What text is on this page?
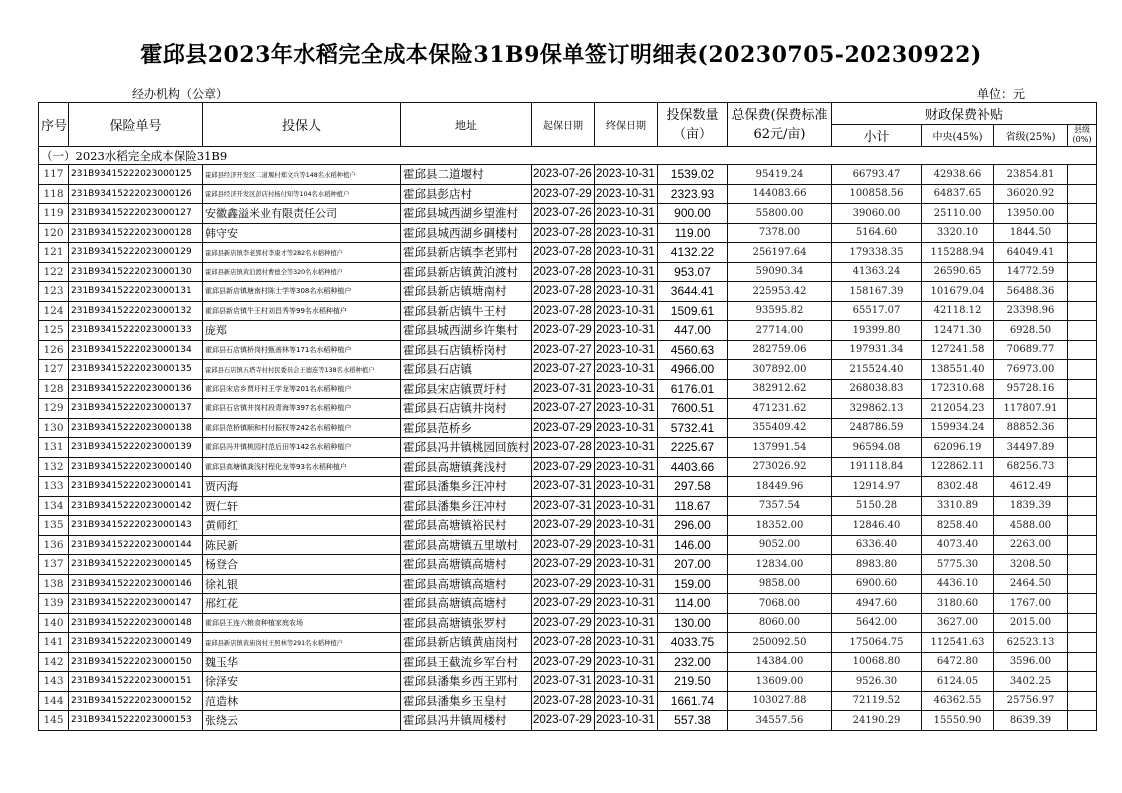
霍邱县2023年水稻完全成本保险31B9保单签订明细表(20230705-20230922)
经办机构（公章）	单位：元
序号	保险单号	投保人	地址	起保日期	终保日期	投保数量（亩）	总保费(保费标准62元/亩)	财政保费补贴			
								小计	中央(45%)	省级(25%)	县级(0%)
（一）2023水稻完全成本保险31B9											
117	231B93415222023000125	霍邱县经济开发区二道堰村郑文兵等148名水稻种植户	霍邱县二道堰村	2023-07-26	2023-10-31	1539.02	95419.24	66793.47	42938.66	23854.81	
118	231B93415222023000126	霍邱县经济开发区彭店村杨付知等104名水稻种植户	霍邱县彭店村	2023-07-29	2023-10-31	2323.93	144083.66	100858.56	64837.65	36020.92	
119	231B93415222023000127	安徽鑫溢米业有限责任公司	霍邱县城西湖乡望淮村	2023-07-26	2023-10-31	900.00	55800.00	39060.00	25110.00	13950.00	
120	231B93415222023000128	韩守安	霍邱县城西湖乡碉楼村	2023-07-28	2023-10-31	119.00	7378.00	5164.60	3320.10	1844.50	
121	231B93415222023000129	霍邱县新店镇李老郢村李康才等282名水稻种植户	霍邱县新店镇李老郢村	2023-07-28	2023-10-31	4132.22	256197.64	179338.35	115288.94	64049.41	
122	231B93415222023000130	霍邱县新店镇黄泊渡村曹德全等320名水稻种植户	霍邱县新店镇黄泊渡村	2023-07-28	2023-10-31	953.07	59090.34	41363.24	26590.65	14772.59	
123	231B93415222023000131	霍邱县新店镇塘南村陈士学等308名水稻种植户	霍邱县新店镇塘南村	2023-07-28	2023-10-31	3644.41	225953.42	158167.39	101679.04	56488.36	
124	231B93415222023000132	霍邱县新店镇牛王村刘昌秀等99名水稻种植户	霍邱县新店镇牛王村	2023-07-28	2023-10-31	1509.61	93595.82	65517.07	42118.12	23398.96	
125	231B93415222023000133	庞郑	霍邱县城西湖乡许集村	2023-07-29	2023-10-31	447.00	27714.00	19399.80	12471.30	6928.50	
126	231B93415222023000134	霍邱县石店镇桥岗村甄善林等171名水稻种植户	霍邱县石店镇桥岗村	2023-07-27	2023-10-31	4560.63	282759.06	197931.34	127241.58	70689.77	
127	231B93415222023000135	霍邱县石店镇五塔寺村村民委员会王德连等138名水稻种植户	霍邱县石店镇	2023-07-27	2023-10-31	4966.00	307892.00	215524.40	138551.40	76973.00	
128	231B93415222023000136	霍邱县宋店乡贾圩村王学龙等201名水稻种植户	霍邱县宋店镇贾圩村	2023-07-31	2023-10-31	6176.01	382912.62	268038.83	172310.68	95728.16	
129	231B93415222023000137	霍邱县石店镇井岗村段青海等397名水稻种植户	霍邱县石店镇井岗村	2023-07-27	2023-10-31	7600.51	471231.62	329862.13	212054.23	117807.91	
130	231B93415222023000138	霍邱县范桥镇顺和村付振权等242名水稻种植户	霍邱县范桥乡	2023-07-29	2023-10-31	5732.41	355409.42	248786.59	159934.24	88852.36	
131	231B93415222023000139	霍邱县冯井镇桃园村范后田等142名水稻种植户	霍邱县冯井镇桃园回族村	2023-07-28	2023-10-31	2225.67	137991.54	96594.08	62096.19	34497.89	
132	231B93415222023000140	霍邱县高塘镇龚浅村程化龙等93名水稻种植户	霍邱县高塘镇龚浅村	2023-07-29	2023-10-31	4403.66	273026.92	191118.84	122862.11	68256.73	
133	231B93415222023000141	贾丙海	霍邱县潘集乡汪冲村	2023-07-31	2023-10-31	297.58	18449.96	12914.97	8302.48	4612.49	
134	231B93415222023000142	贾仁轩	霍邱县潘集乡汪冲村	2023-07-31	2023-10-31	118.67	7357.54	5150.28	3310.89	1839.39	
135	231B93415222023000143	黄师红	霍邱县高塘镇裕民村	2023-07-29	2023-10-31	296.00	18352.00	12846.40	8258.40	4588.00	
136	231B93415222023000144	陈民新	霍邱县高塘镇五里墩村	2023-07-29	2023-10-31	146.00	9052.00	6336.40	4073.40	2263.00	
137	231B93415222023000145	杨登合	霍邱县高塘镇高塘村	2023-07-29	2023-10-31	207.00	12834.00	8983.80	5775.30	3208.50	
138	231B93415222023000146	徐礼银	霍邱县高塘镇高塘村	2023-07-29	2023-10-31	159.00	9858.00	6900.60	4436.10	2464.50	
139	231B93415222023000147	邢红花	霍邱县高塘镇高塘村	2023-07-29	2023-10-31	114.00	7068.00	4947.60	3180.60	1767.00	
140	231B93415222023000148	霍邱县王连六粮食种植家庭农场	霍邱县高塘镇张罗村	2023-07-29	2023-10-31	130.00	8060.00	5642.00	3627.00	2015.00	
141	231B93415222023000149	霍邱县新店镇黄庙岗村王照林等291名水稻种植户	霍邱县新店镇黄庙岗村	2023-07-28	2023-10-31	4033.75	250092.50	175064.75	112541.63	62523.13	
142	231B93415222023000150	魏玉华	霍邱县王截流乡军台村	2023-07-29	2023-10-31	232.00	14384.00	10068.80	6472.80	3596.00	
143	231B93415222023000151	徐泽安	霍邱县潘集乡西王郢村	2023-07-31	2023-10-31	219.50	13609.00	9526.30	6124.05	3402.25	
144	231B93415222023000152	范造林	霍邱县潘集乡玉皇村	2023-07-28	2023-10-31	1661.74	103027.88	72119.52	46362.55	25756.97	
145	231B93415222023000153	张绕云	霍邱县冯井镇周楼村	2023-07-29	2023-10-31	557.38	34557.56	24190.29	15550.90	8639.39	
